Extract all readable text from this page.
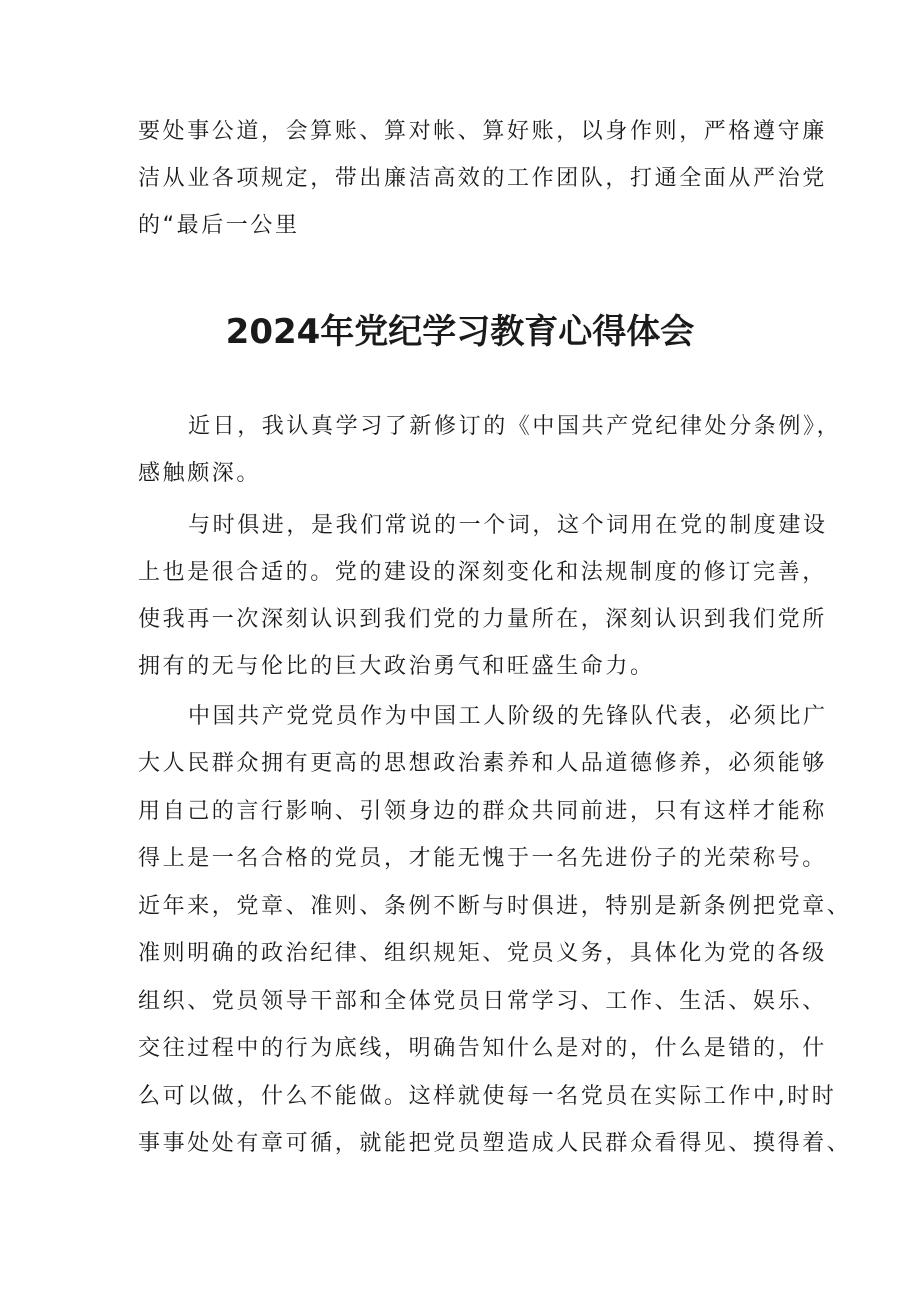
要处事公道，会算账、算对帐、算好账，以身作则，严格遵守廉
洁从业各项规定，带出廉洁高效的工作团队，打通全面从严治党
的“最后一公里
2024年党纪学习教育心得体会
近日，我认真学习了新修订的《中国共产党纪律处分条例》，
感触颇深。
与时俱进，是我们常说的一个词，这个词用在党的制度建设
上也是很合适的。党的建设的深刻变化和法规制度的修订完善，
使我再一次深刻认识到我们党的力量所在，深刻认识到我们党所
拥有的无与伦比的巨大政治勇气和旺盛生命力。
中国共产党党员作为中国工人阶级的先锋队代表，必须比广
大人民群众拥有更高的思想政治素养和人品道德修养，必须能够
用自己的言行影响、引领身边的群众共同前进，只有这样才能称
得上是一名合格的党员，才能无愧于一名先进份子的光荣称号。
近年来，党章、准则、条例不断与时俱进，特别是新条例把党章、
准则明确的政治纪律、组织规矩、党员义务，具体化为党的各级
组织、党员领导干部和全体党员日常学习、工作、生活、娱乐、
交往过程中的行为底线，明确告知什么是对的，什么是错的，什
么可以做，什么不能做。这样就使每一名党员在实际工作中,时时
事事处处有章可循，就能把党员塑造成人民群众看得见、摸得着、
